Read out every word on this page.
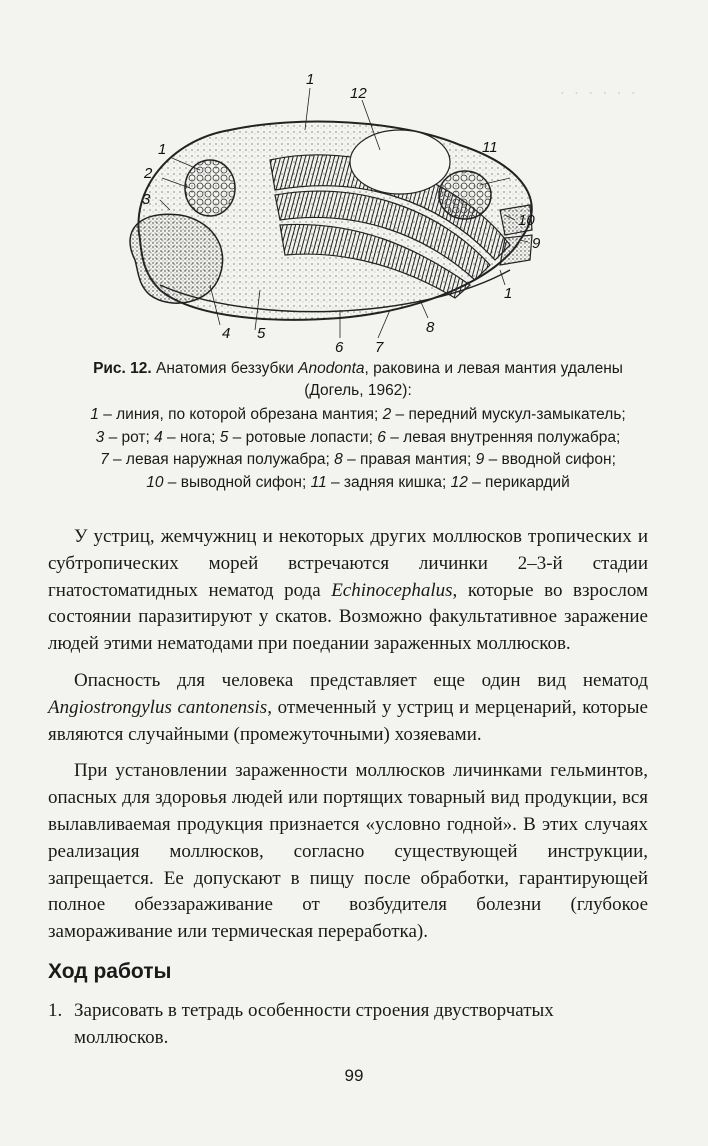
.  .  .  .  .  .
1
12
1
2
3
4 5
6 7
8
1
9
10
11
Рис. 12. Анатомия беззубки Anodonta, раковина и левая мантия удалены
(Догель, 1962):
1 – линия, по которой обрезана мантия; 2 – передний мускул-замыкатель;
3 – рот; 4 – нога; 5 – ротовые лопасти; 6 – левая внутренняя полужабра;
7 – левая наружная полужабра; 8 – правая мантия; 9 – вводной сифон;
10 – выводной сифон; 11 – задняя кишка; 12 – перикардий

У устриц, жемчужниц и некоторых других моллюсков тропических и субтропических морей встречаются личинки 2–3-й стадии гнатостоматидных нематод рода Echinocephalus, которые во взрослом состоянии паразитируют у скатов. Возможно факультативное заражение людей этими нематодами при поедании зараженных моллюсков.

Опасность для человека представляет еще один вид нематод Angiostrongylus cantonensis, отмеченный у устриц и мерценарий, которые являются случайными (промежуточными) хозяевами.

При установлении зараженности моллюсков личинками гельминтов, опасных для здоровья людей или портящих товарный вид продукции, вся вылавливаемая продукция признается «условно годной». В этих случаях реализация моллюсков, согласно существующей инструкции, запрещается. Ее допускают в пищу после обработки, гарантирующей полное обеззараживание от возбудителя болезни (глубокое замораживание или термическая переработка).

Ход работы
1. Зарисовать в тетрадь особенности строения двустворчатых
моллюсков.
99
